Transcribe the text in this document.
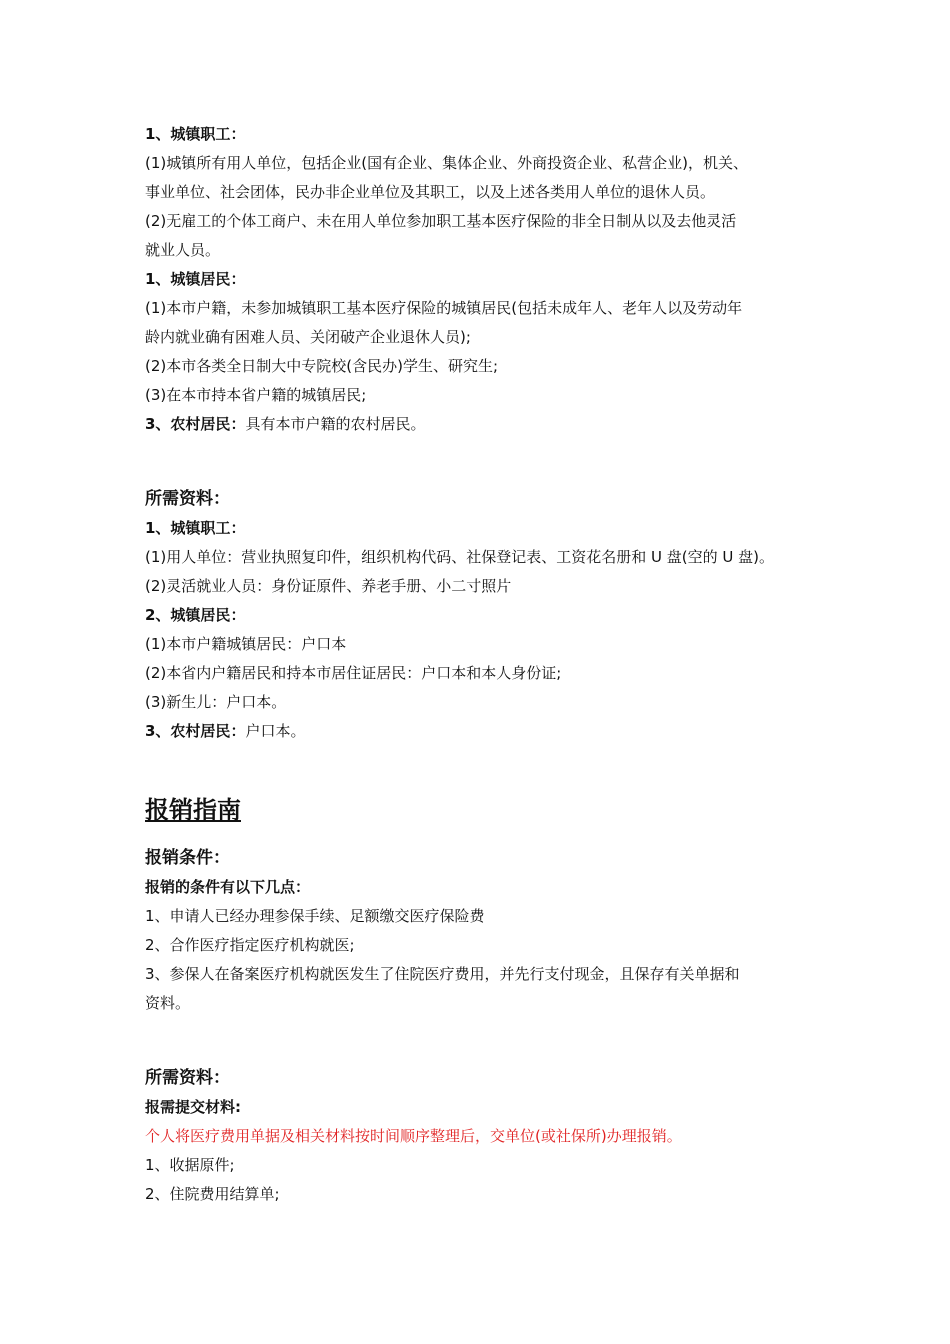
1、城镇职工：
(1)城镇所有用人单位，包括企业(国有企业、集体企业、外商投资企业、私营企业)，机关、
事业单位、社会团体，民办非企业单位及其职工，以及上述各类用人单位的退休人员。
(2)无雇工的个体工商户、未在用人单位参加职工基本医疗保险的非全日制从以及去他灵活
就业人员。
1、城镇居民：
(1)本市户籍，未参加城镇职工基本医疗保险的城镇居民(包括未成年人、老年人以及劳动年
龄内就业确有困难人员、关闭破产企业退休人员);
(2)本市各类全日制大中专院校(含民办)学生、研究生;
(3)在本市持本省户籍的城镇居民;
3、农村居民：具有本市户籍的农村居民。
所需资料：
1、城镇职工：
(1)用人单位：营业执照复印件，组织机构代码、社保登记表、工资花名册和 U 盘(空的 U 盘)。
(2)灵活就业人员：身份证原件、养老手册、小二寸照片
2、城镇居民：
(1)本市户籍城镇居民：户口本
(2)本省内户籍居民和持本市居住证居民：户口本和本人身份证;
(3)新生儿：户口本。
3、农村居民：户口本。
报销指南
报销条件：
报销的条件有以下几点：
1、申请人已经办理参保手续、足额缴交医疗保险费
2、合作医疗指定医疗机构就医;
3、参保人在备案医疗机构就医发生了住院医疗费用，并先行支付现金，且保存有关单据和
资料。
所需资料：
报需提交材料:
个人将医疗费用单据及相关材料按时间顺序整理后，交单位(或社保所)办理报销。
1、收据原件;
2、住院费用结算单;
